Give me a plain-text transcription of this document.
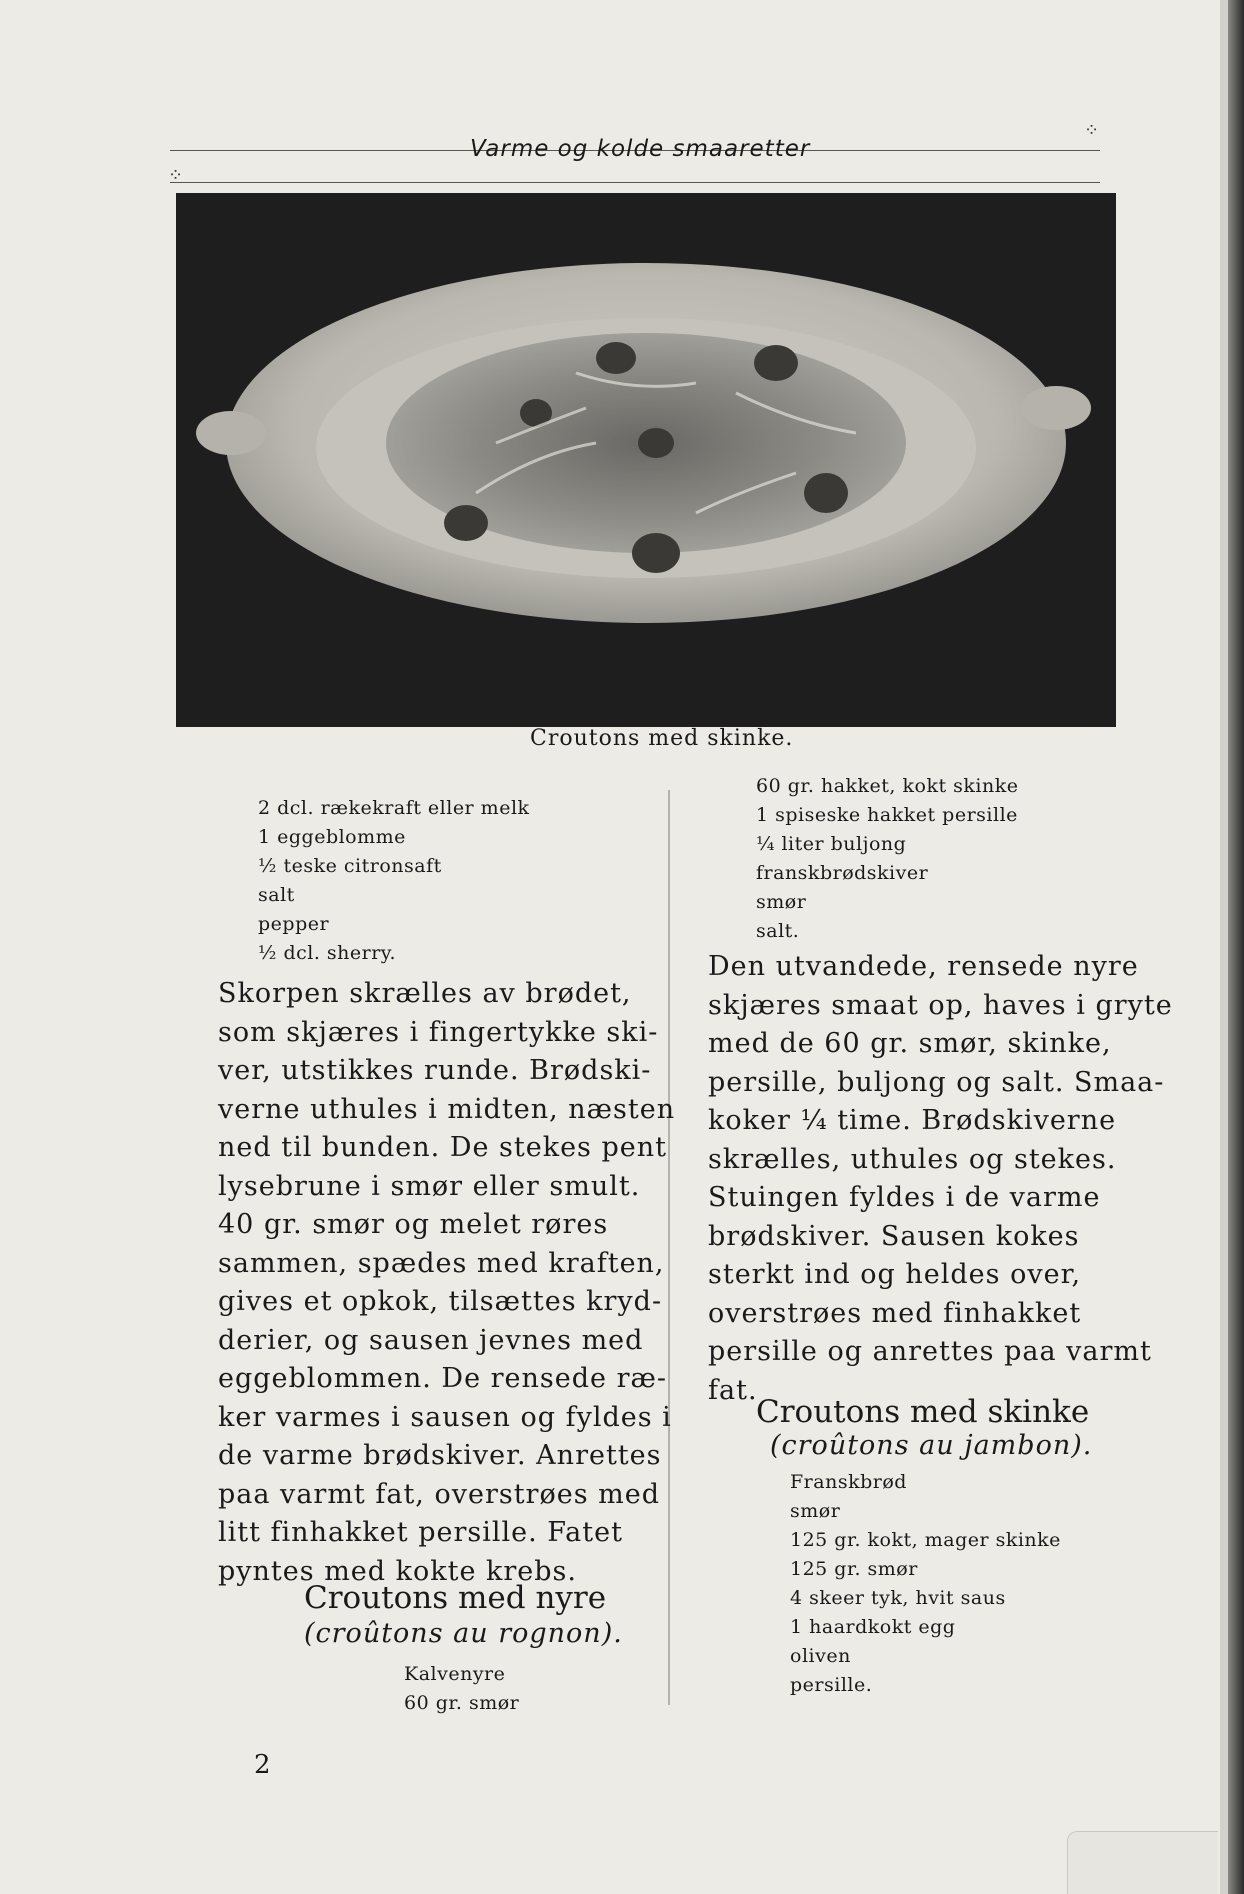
⁘
⁘
Varme og kolde smaaretter
Croutons med skinke.
2 dcl. rækekraft eller melk
1 eggeblomme
½ teske citronsaft
salt
pepper
½ dcl. sherry.
Skorpen skrælles av brødet,
som skjæres i fingertykke ski-
ver, utstikkes runde. Brødski-
verne uthules i midten, næsten
ned til bunden. De stekes pent
lysebrune i smør eller smult.
40 gr. smør og melet røres
sammen, spædes med kraften,
gives et opkok, tilsættes kryd-
derier, og sausen jevnes med
eggeblommen. De rensede ræ-
ker varmes i sausen og fyldes i
de varme brødskiver. Anrettes
paa varmt fat, overstrøes med
litt finhakket persille. Fatet
pyntes med kokte krebs.
Croutons med nyre
(croûtons au rognon).
Kalvenyre
60 gr. smør
60 gr. hakket, kokt skinke
1 spiseske hakket persille
¼ liter buljong
franskbrødskiver
smør
salt.
Den utvandede, rensede nyre
skjæres smaat op, haves i gryte
med de 60 gr. smør, skinke,
persille, buljong og salt. Smaa-
koker ¼ time. Brødskiverne
skrælles, uthules og stekes.
Stuingen fyldes i de varme
brødskiver. Sausen kokes
sterkt ind og heldes over,
overstrøes med finhakket
persille og anrettes paa varmt
fat.
Croutons med skinke
(croûtons au jambon).
Franskbrød
smør
125 gr. kokt, mager skinke
125 gr. smør
4 skeer tyk, hvit saus
1 haardkokt egg
oliven
persille.
2
